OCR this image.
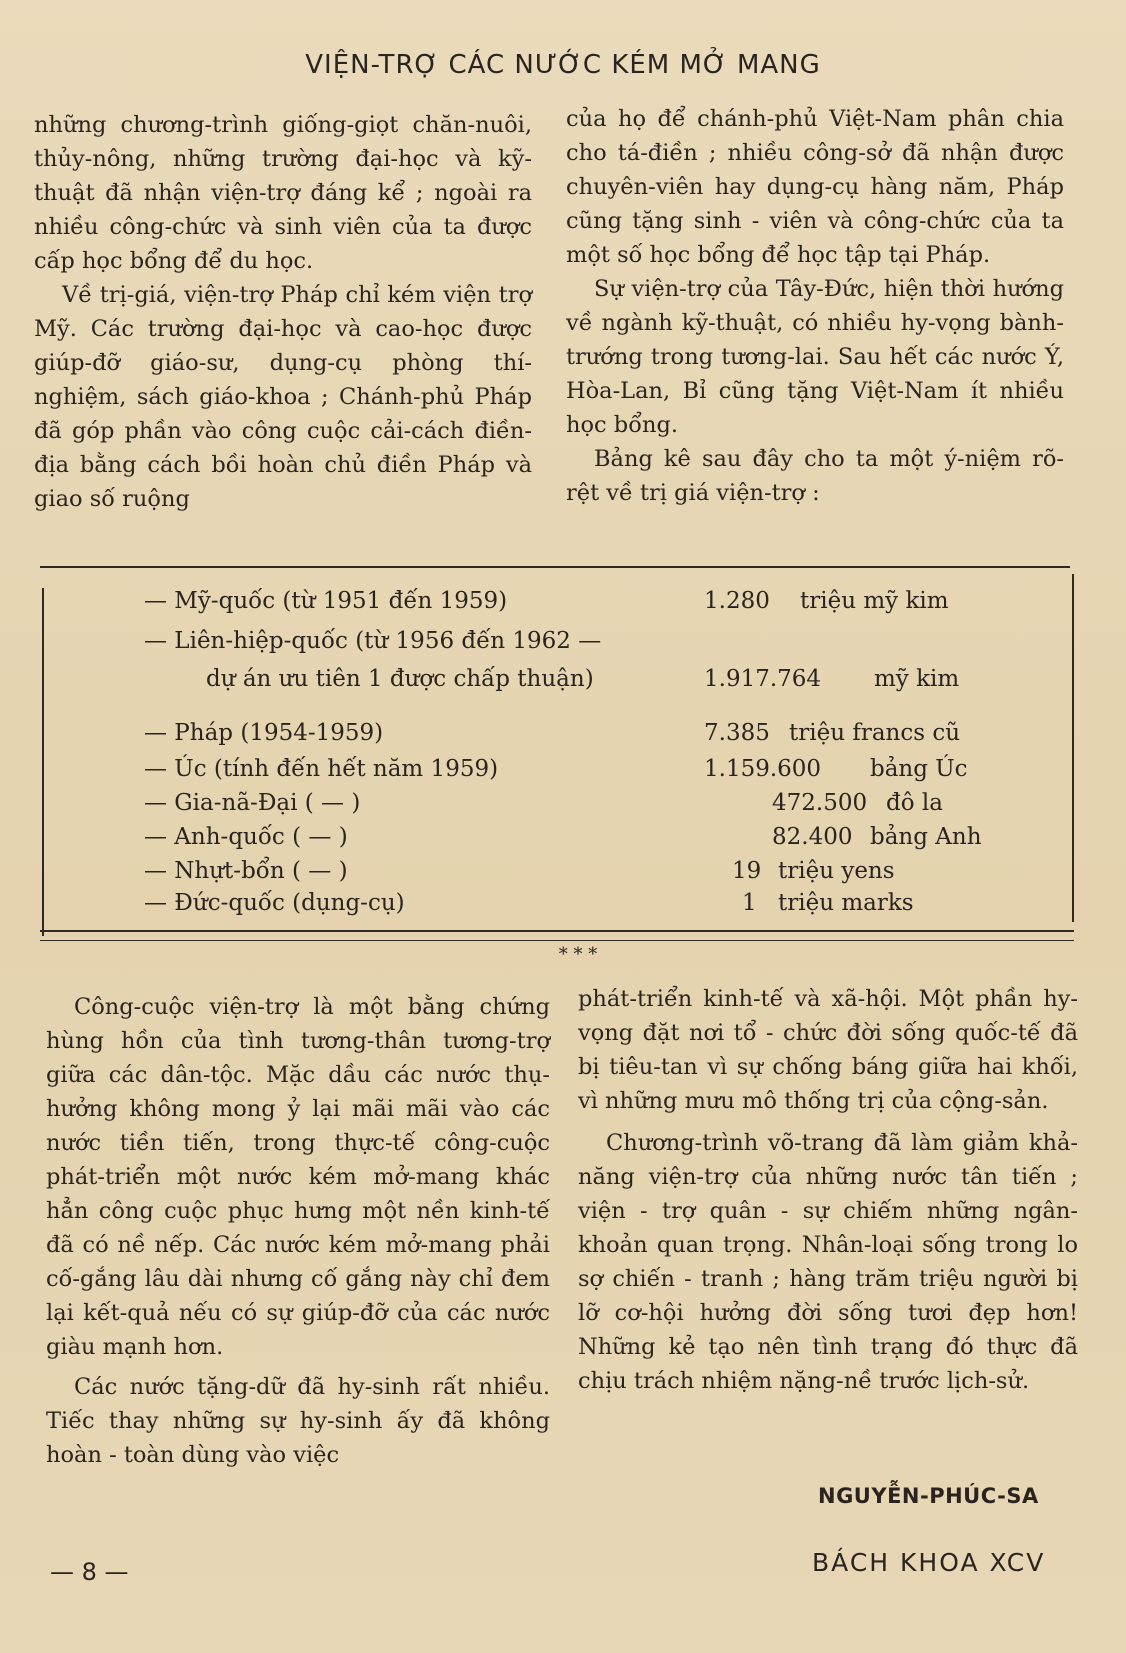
VIỆN-TRỢ CÁC NƯỚC KÉM MỞ MANG

những chương-trình giống-giọt chăn-nuôi, thủy-nông, những trường đại-học và kỹ-thuật đã nhận viện-trợ đáng kể ; ngoài ra nhiều công-chức và sinh viên của ta được cấp học bổng để du học.

Về trị-giá, viện-trợ Pháp chỉ kém viện trợ Mỹ. Các trường đại-học và cao-học được giúp-đỡ giáo-sư, dụng-cụ phòng thí-nghiệm, sách giáo-khoa ; Chánh-phủ Pháp đã góp phần vào công cuộc cải-cách điền-địa bằng cách bồi hoàn chủ điền Pháp và giao số ruộng

của họ để chánh-phủ Việt-Nam phân chia cho tá-điền ; nhiều công-sở đã nhận được chuyên-viên hay dụng-cụ hàng năm, Pháp cũng tặng sinh - viên và công-chức của ta một số học bổng để học tập tại Pháp.

Sự viện-trợ của Tây-Đức, hiện thời hướng về ngành kỹ-thuật, có nhiều hy-vọng bành-trướng trong tương-lai. Sau hết các nước Ý, Hòa-Lan, Bỉ cũng tặng Việt-Nam ít nhiều học bổng.

Bảng kê sau đây cho ta một ý-niệm rõ-rệt về trị giá viện-trợ :

— Mỹ-quốc (từ 1951 đến 1959)	1.280 triệu mỹ kim
— Liên-hiệp-quốc (từ 1956 đến 1962 —
dự án ưu tiên 1 được chấp thuận)	1.917.764 mỹ kim
— Pháp (1954-1959)	7.385 triệu francs cũ
— Úc (tính đến hết năm 1959)	1.159.600 bảng Úc
— Gia-nã-Đại ( — )	472.500 đô la
— Anh-quốc ( — )	82.400 bảng Anh
— Nhựt-bổn ( — )	19 triệu yens
— Đức-quốc (dụng-cụ)	1 triệu marks
* * *

Công-cuộc viện-trợ là một bằng chứng hùng hồn của tình tương-thân tương-trợ giữa các dân-tộc. Mặc dầu các nước thụ-hưởng không mong ỷ lại mãi mãi vào các nước tiền tiến, trong thực-tế công-cuộc phát-triển một nước kém mở-mang khác hẳn công cuộc phục hưng một nền kinh-tế đã có nề nếp. Các nước kém mở-mang phải cố-gắng lâu dài nhưng cố gắng này chỉ đem lại kết-quả nếu có sự giúp-đỡ của các nước giàu mạnh hơn.

Các nước tặng-dữ đã hy-sinh rất nhiều. Tiếc thay những sự hy-sinh ấy đã không hoàn - toàn dùng vào việc

phát-triển kinh-tế và xã-hội. Một phần hy-vọng đặt nơi tổ - chức đời sống quốc-tế đã bị tiêu-tan vì sự chống báng giữa hai khối, vì những mưu mô thống trị của cộng-sản.

Chương-trình võ-trang đã làm giảm khả-năng viện-trợ của những nước tân tiến ; viện - trợ quân - sự chiếm những ngân-khoản quan trọng. Nhân-loại sống trong lo sợ chiến - tranh ; hàng trăm triệu người bị lỡ cơ-hội hưởng đời sống tươi đẹp hơn! Những kẻ tạo nên tình trạng đó thực đã chịu trách nhiệm nặng-nề trước lịch-sử.

NGUYỄN-PHÚC-SA
— 8 —	BÁCH KHOA XCV
